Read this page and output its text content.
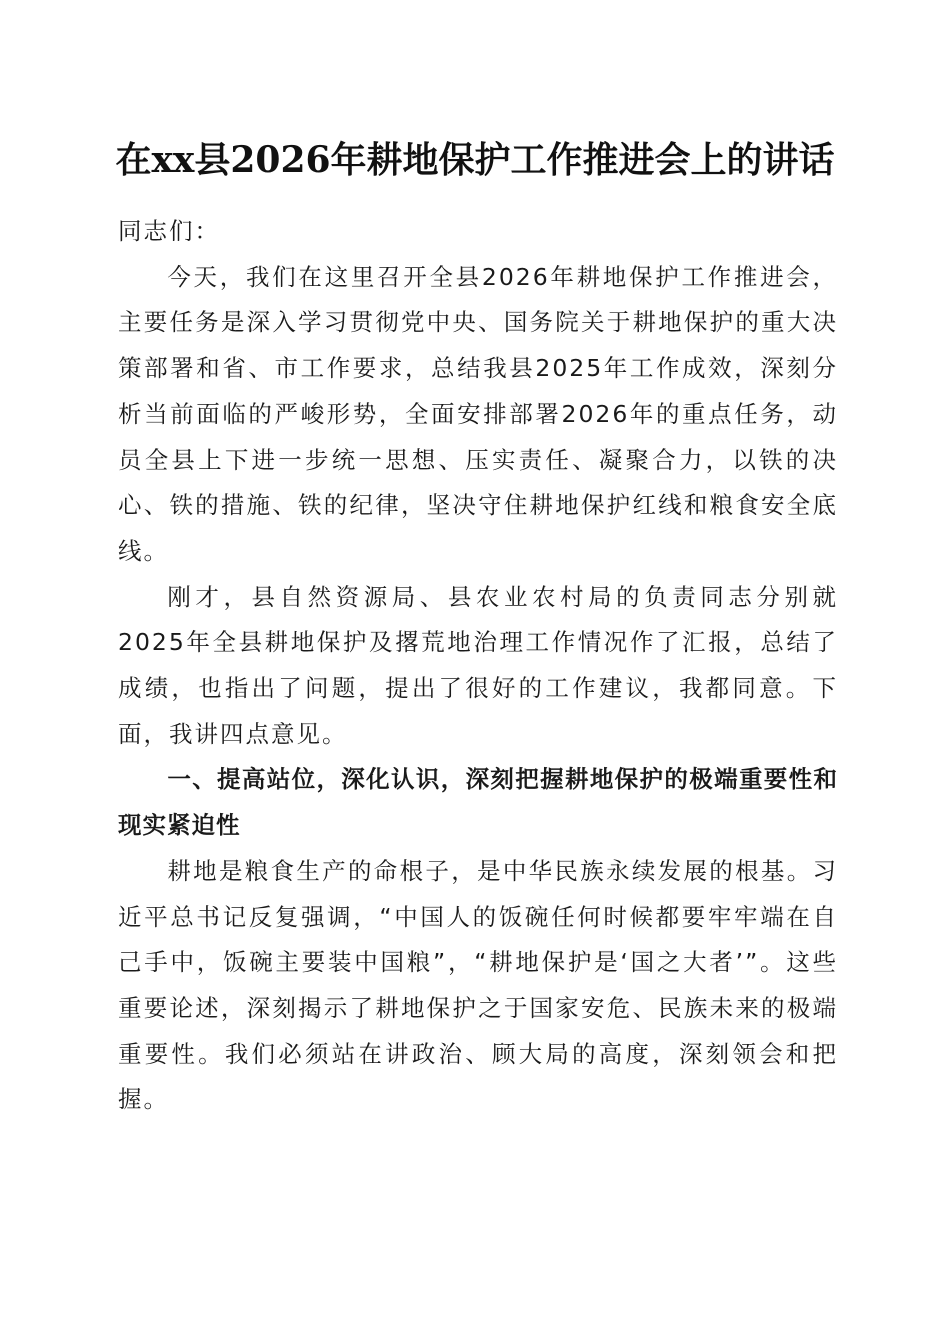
在xx县2026年耕地保护工作推进会上的讲话

同志们：

今天，我们在这里召开全县2026年耕地保护工作推进会，主要任务是深入学习贯彻党中央、国务院关于耕地保护的重大决策部署和省、市工作要求，总结我县2025年工作成效，深刻分析当前面临的严峻形势，全面安排部署2026年的重点任务，动员全县上下进一步统一思想、压实责任、凝聚合力，以铁的决心、铁的措施、铁的纪律，坚决守住耕地保护红线和粮食安全底线。

刚才，县自然资源局、县农业农村局的负责同志分别就2025年全县耕地保护及撂荒地治理工作情况作了汇报，总结了成绩，也指出了问题，提出了很好的工作建议，我都同意。下面，我讲四点意见。

一、提高站位，深化认识，深刻把握耕地保护的极端重要性和现实紧迫性

耕地是粮食生产的命根子，是中华民族永续发展的根基。习近平总书记反复强调，“中国人的饭碗任何时候都要牢牢端在自己手中，饭碗主要装中国粮”，“耕地保护是‘国之大者’”。这些重要论述，深刻揭示了耕地保护之于国家安危、民族未来的极端重要性。我们必须站在讲政治、顾大局的高度，深刻领会和把握。
